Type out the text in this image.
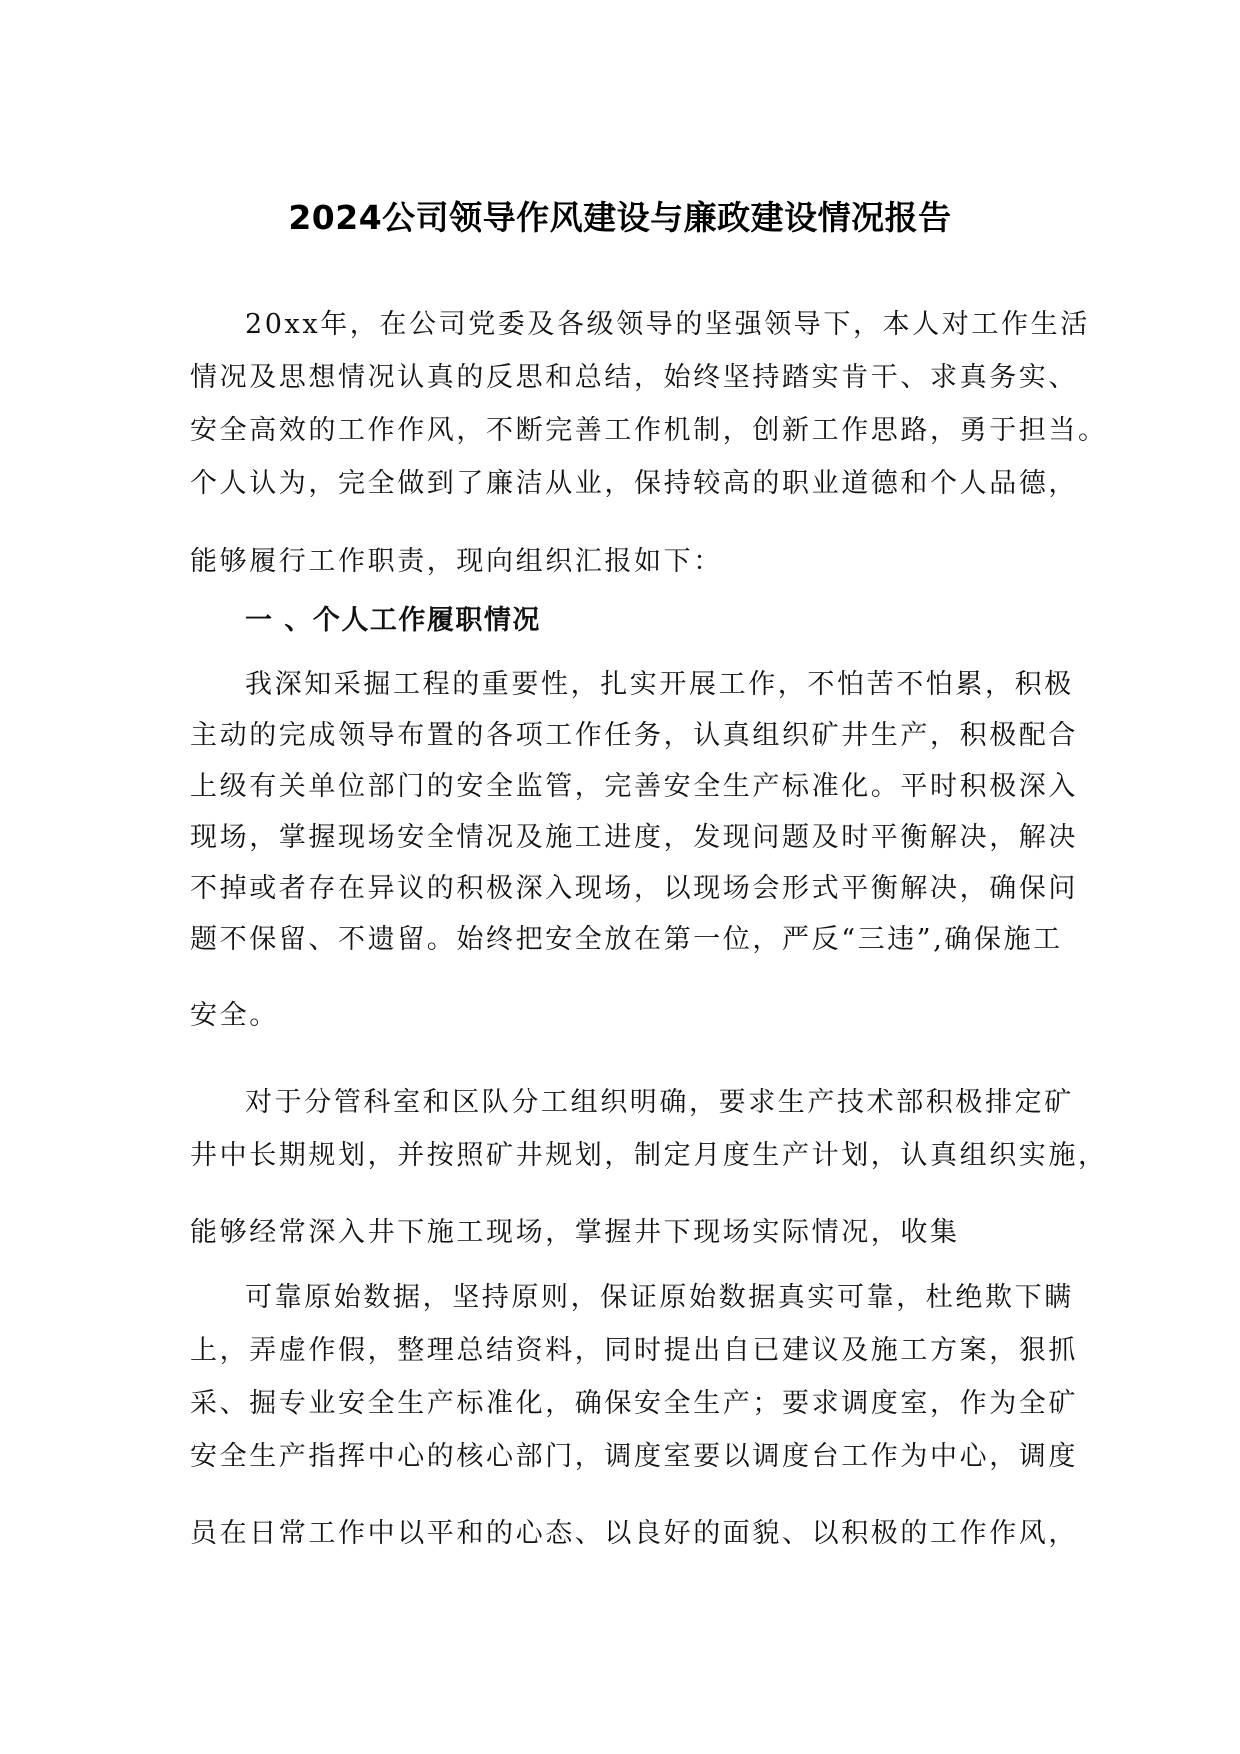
2024公司领导作风建设与廉政建设情况报告
20xx年，在公司党委及各级领导的坚强领导下，本人对工作生活
情况及思想情况认真的反思和总结，始终坚持踏实肯干、求真务实、
安全高效的工作作风，不断完善工作机制，创新工作思路，勇于担当。
个人认为，完全做到了廉洁从业，保持较高的职业道德和个人品德，
能够履行工作职责，现向组织汇报如下：
一 、个人工作履职情况
我深知采掘工程的重要性，扎实开展工作，不怕苦不怕累，积极
主动的完成领导布置的各项工作任务，认真组织矿井生产，积极配合
上级有关单位部门的安全监管，完善安全生产标准化。平时积极深入
现场，掌握现场安全情况及施工进度，发现问题及时平衡解决，解决
不掉或者存在异议的积极深入现场，以现场会形式平衡解决，确保问
题不保留、不遗留。始终把安全放在第一位，严反“三违”,确保施工
安全。
对于分管科室和区队分工组织明确，要求生产技术部积极排定矿
井中长期规划，并按照矿井规划，制定月度生产计划，认真组织实施，
能够经常深入井下施工现场，掌握井下现场实际情况，收集
可靠原始数据，坚持原则，保证原始数据真实可靠，杜绝欺下瞒
上，弄虚作假，整理总结资料，同时提出自已建议及施工方案，狠抓
采、掘专业安全生产标准化，确保安全生产；要求调度室，作为全矿
安全生产指挥中心的核心部门，调度室要以调度台工作为中心，调度
员在日常工作中以平和的心态、以良好的面貌、以积极的工作作风，
